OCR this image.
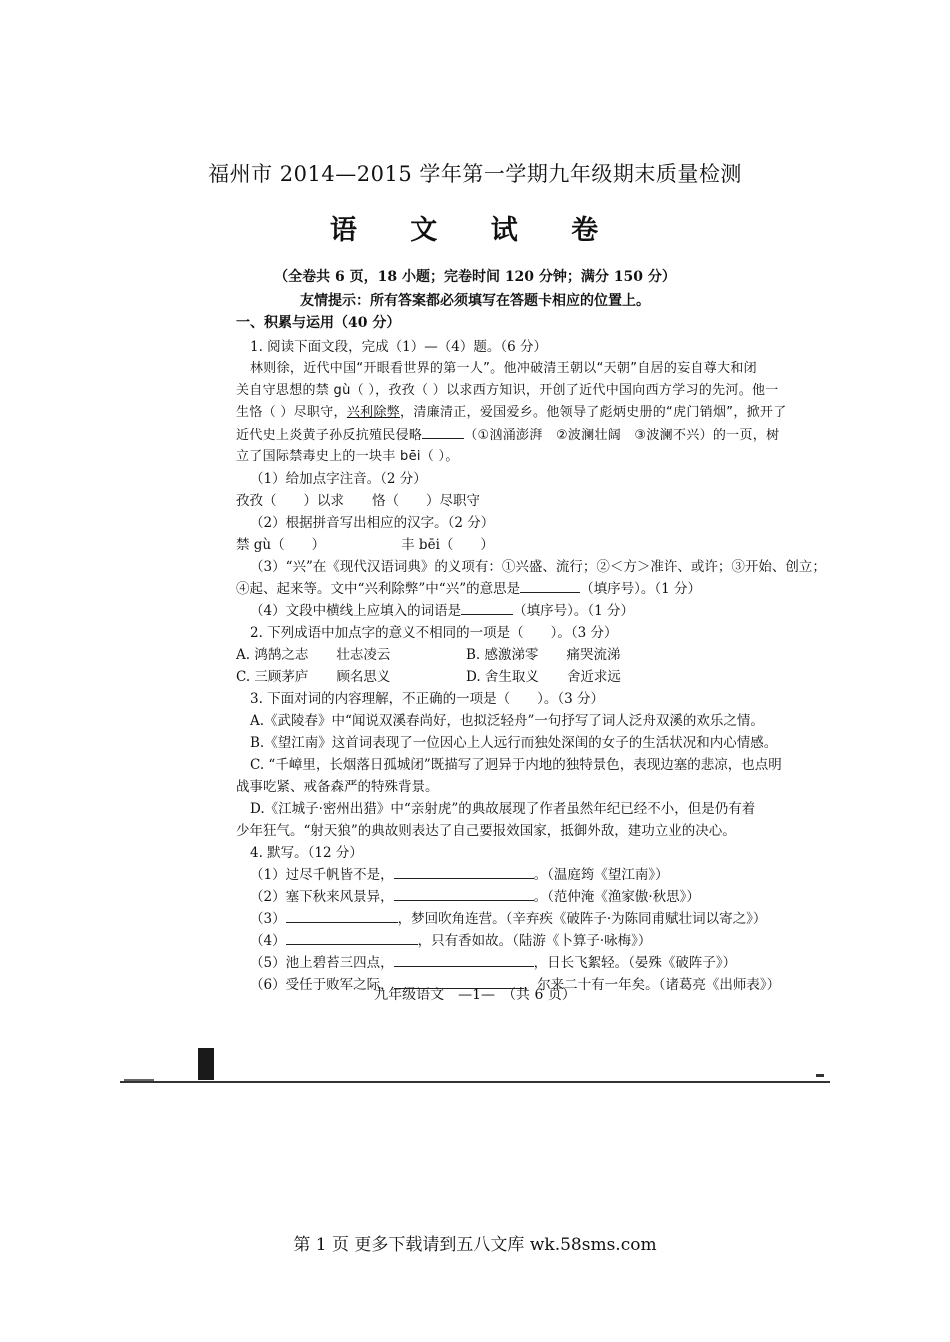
福州市 2014—2015 学年第一学期九年级期末质量检测
语 文 试 卷
（全卷共 6 页，18 小题；完卷时间 120 分钟；满分 150 分）
友情提示：所有答案都必须填写在答题卡相应的位置上。
一、积累与运用（40 分）
1. 阅读下面文段，完成（1）—（4）题。（6 分）
林则徐，近代中国“开眼看世界的第一人”。他冲破清王朝以“天朝”自居的妄自尊大和闭
关自守思想的禁 gù（ ），孜孜（ ）以求西方知识，开创了近代中国向西方学习的先河。他一
生恪（ ）尽职守，兴利除弊，清廉清正，爱国爱乡。他领导了彪炳史册的“虎门销烟”，掀开了
近代史上炎黄子孙反抗殖民侵略	（①汹涌澎湃　②波澜壮阔　③波澜不兴）的一页，树
立了国际禁毒史上的一块丰 bēi（ ）。
（1）给加点字注音。（2 分）
孜孜（　　）以求 恪（　　）尽职守
（2）根据拼音写出相应的汉字。（2 分）
禁 gù（　　）	丰 bēi（　　）
（3）“兴”在《现代汉语词典》的义项有：①兴盛、流行；②＜方＞准许、或许；③开始、创立；
④起、起来等。文中“兴利除弊”中“兴”的意思是	（填序号）。（1 分）
（4）文段中横线上应填入的词语是	（填序号）。（1 分）
2. 下列成语中加点字的意义不相同的一项是（　　）。（3 分）
A. 鸿鹄之志 壮志凌云	B. 感激涕零 痛哭流涕
C. 三顾茅庐 顾名思义	D. 舍生取义 舍近求远
3. 下面对词的内容理解，不正确的一项是（　　）。（3 分）
A.《武陵春》中“闻说双溪春尚好，也拟泛轻舟”一句抒写了词人泛舟双溪的欢乐之情。
B.《望江南》这首词表现了一位因心上人远行而独处深闺的女子的生活状况和内心情感。
C. “千嶂里，长烟落日孤城闭”既描写了迥异于内地的独特景色，表现边塞的悲凉，也点明
战事吃紧、戒备森严的特殊背景。
D.《江城子·密州出猎》中“亲射虎”的典故展现了作者虽然年纪已经不小，但是仍有着
少年狂气。“射天狼”的典故则表达了自己要报效国家，抵御外敌，建功立业的决心。
4. 默写。（12 分）
（1）过尽千帆皆不是，	。（温庭筠《望江南》）
（2）塞下秋来风景异，	。（范仲淹《渔家傲·秋思》）
（3）	，梦回吹角连营。（辛弃疾《破阵子·为陈同甫赋壮词以寄之》）
（4）	，只有香如故。（陆游《卜算子·咏梅》）
（5）池上碧苔三四点，	，日长飞絮轻。（晏殊《破阵子》）
（6）受任于败军之际，	，尔来二十有一年矣。（诸葛亮《出师表》）
九年级语文　—1—　（共 6 页）
第 1 页 更多下载请到五八文库 wk.58sms.com
